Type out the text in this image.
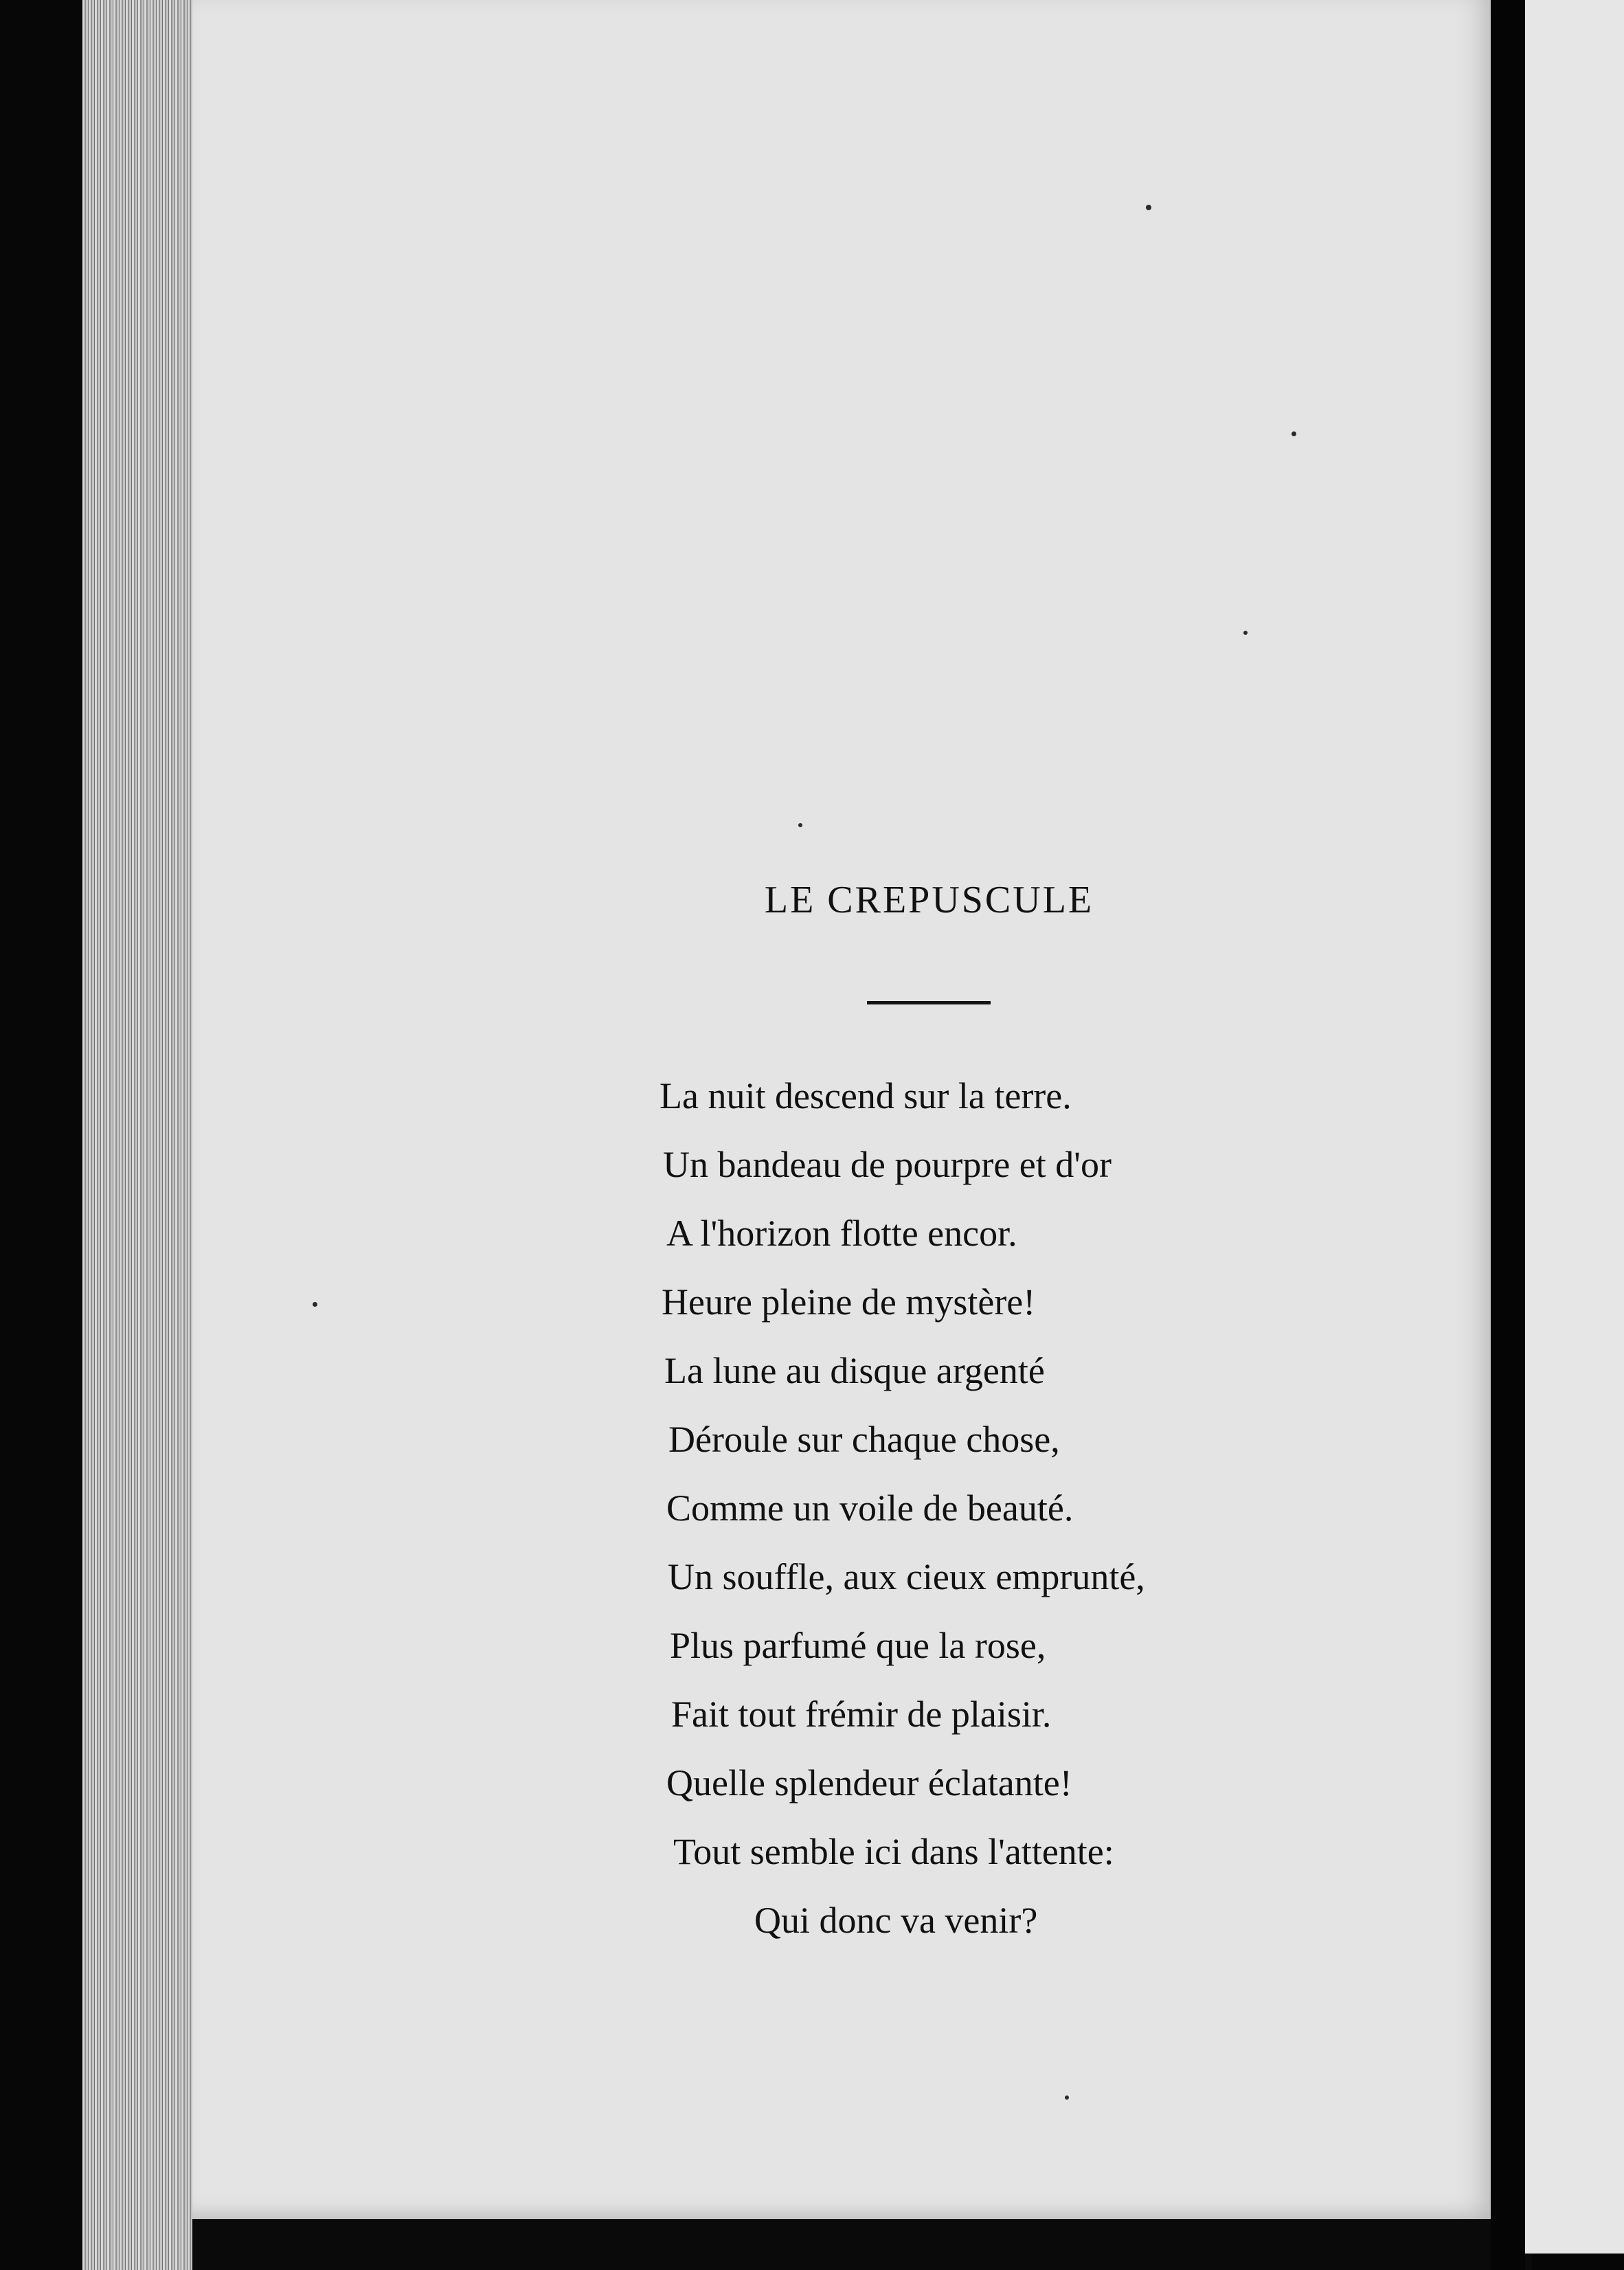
LE CREPUSCULE
La nuit descend sur la terre.
Un bandeau de pourpre et d'or
A l'horizon flotte encor.
Heure pleine de mystère!
La lune au disque argenté
Déroule sur chaque chose,
Comme un voile de beauté.
Un souffle, aux cieux emprunté,
Plus parfumé que la rose,
Fait tout frémir de plaisir.
Quelle splendeur éclatante!
Tout semble ici dans l'attente:
Qui donc va venir?
